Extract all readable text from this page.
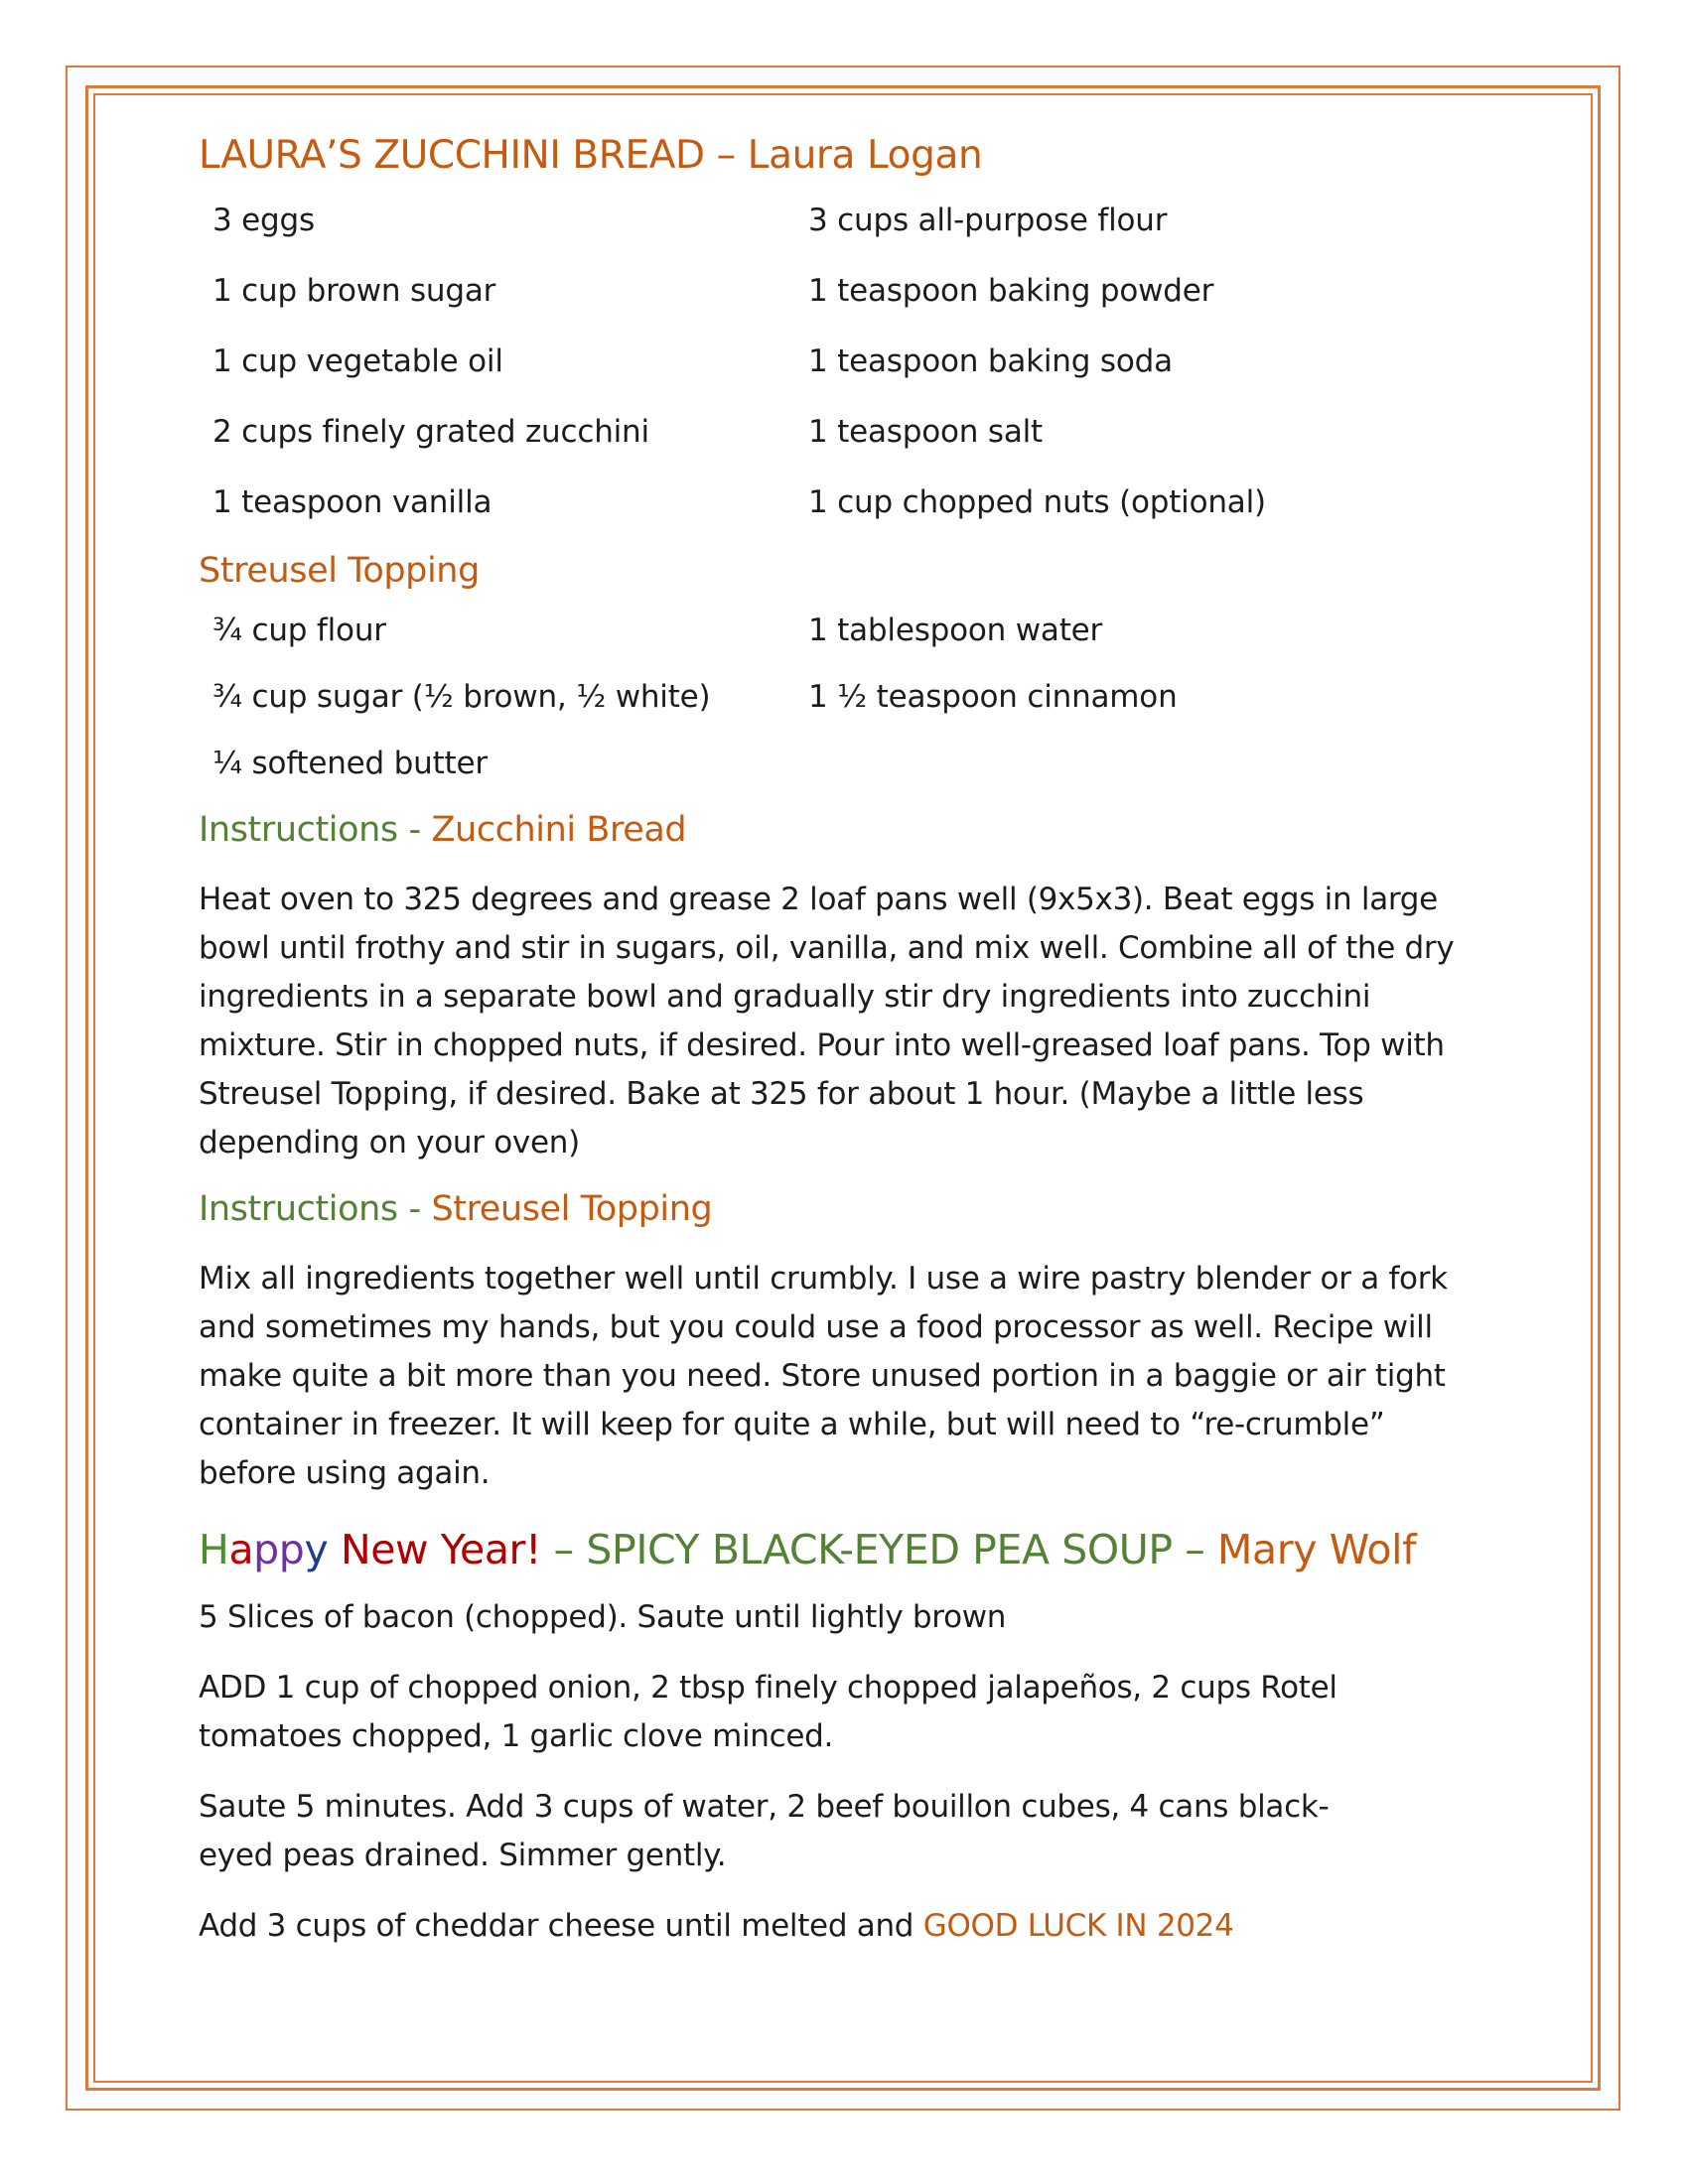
LAURA’S ZUCCHINI BREAD – Laura Logan
3 eggs	3 cups all-purpose flour
1 cup brown sugar	1 teaspoon baking powder
1 cup vegetable oil	1 teaspoon baking soda
2 cups finely grated zucchini	1 teaspoon salt
1 teaspoon vanilla	1 cup chopped nuts (optional)
Streusel Topping
¾ cup flour	1 tablespoon water
¾ cup sugar (½ brown, ½ white)	1 ½ teaspoon cinnamon
¼ softened butter
Instructions - Zucchini Bread

Heat oven to 325 degrees and grease 2 loaf pans well (9x5x3). Beat eggs in large bowl until frothy and stir in sugars, oil, vanilla, and mix well. Combine all of the dry ingredients in a separate bowl and gradually stir dry ingredients into zucchini mixture. Stir in chopped nuts, if desired. Pour into well-greased loaf pans. Top with Streusel Topping, if desired. Bake at 325 for about 1 hour. (Maybe a little less depending on your oven)

Instructions - Streusel Topping

Mix all ingredients together well until crumbly. I use a wire pastry blender or a fork and sometimes my hands, but you could use a food processor as well. Recipe will make quite a bit more than you need. Store unused portion in a baggie or air tight container in freezer. It will keep for quite a while, but will need to “re-crumble” before using again.

Happy New Year! – SPICY BLACK-EYED PEA SOUP – Mary Wolf

5 Slices of bacon (chopped). Saute until lightly brown

ADD 1 cup of chopped onion, 2 tbsp finely chopped jalapeños, 2 cups Rotel tomatoes chopped, 1 garlic clove minced.

Saute 5 minutes. Add 3 cups of water, 2 beef bouillon cubes, 4 cans black-eyed peas drained. Simmer gently.

Add 3 cups of cheddar cheese until melted and GOOD LUCK IN 2024
